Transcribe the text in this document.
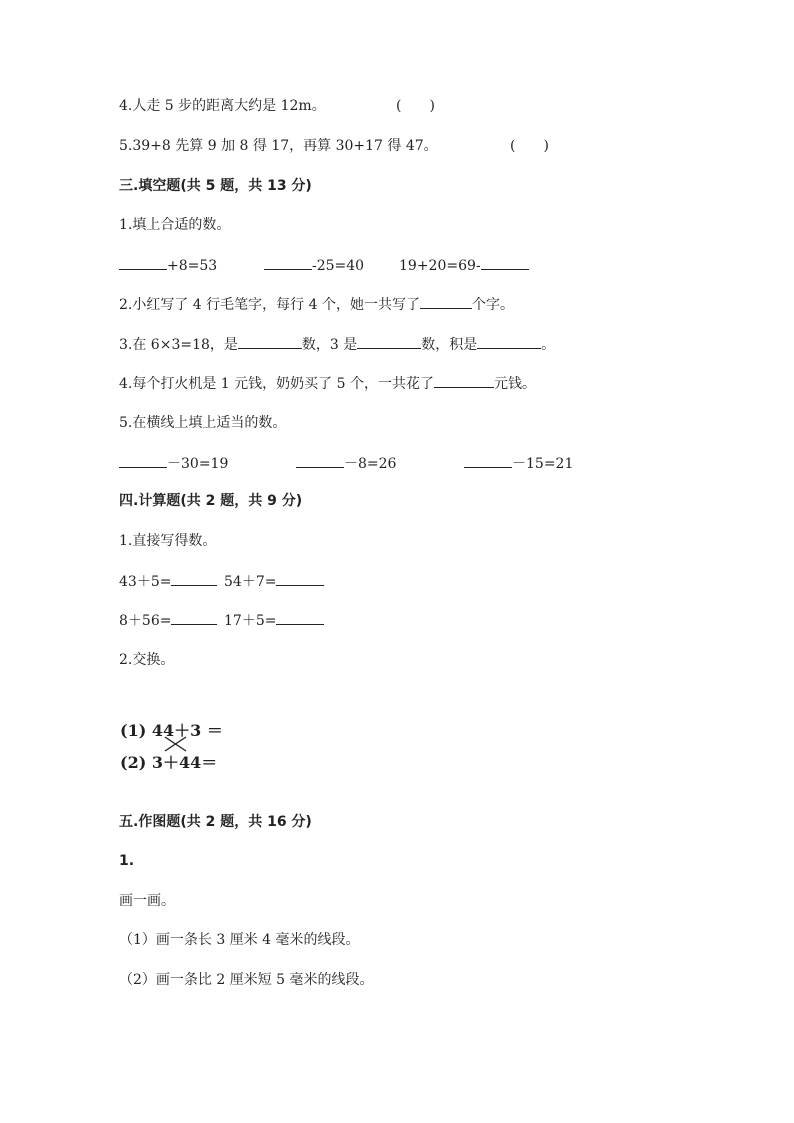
4.人走 5 步的距离大约是 12m。	(　　)
5.39+8 先算 9 加 8 得 17，再算 30+17 得 47。	(　　)
三.填空题(共 5 题，共 13 分)
1.填上合适的数。
+8=53	-25=40 19+20=69-
2.小红写了 4 行毛笔字，每行 4 个，她一共写了	个字。
3.在 6×3=18，是	数，3 是	数，积是	。
4.每个打火机是 1 元钱，奶奶买了 5 个，一共花了	元钱。
5.在横线上填上适当的数。
－30=19	－8=26	－15=21
四.计算题(共 2 题，共 9 分)
1.直接写得数。
43＋5=	54＋7=
8＋56=	17＋5=
2.交换。
(1) 44＋3 ＝
(2) 3＋44＝
五.作图题(共 2 题，共 16 分)
1.
画一画。
（1）画一条长 3 厘米 4 毫米的线段。
（2）画一条比 2 厘米短 5 毫米的线段。
